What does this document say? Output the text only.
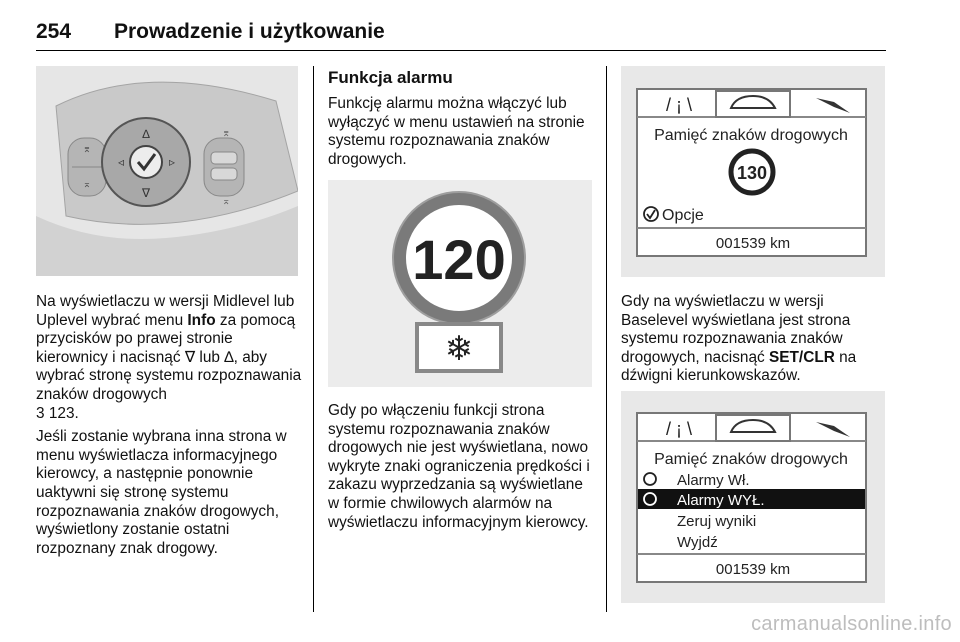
254 Prowadzenie i użytkowanie
⌆
⌅
∆
∇
◃	▹
⌆
⌅

Na wyświetlaczu w wersji Midlevel lub Uplevel wybrać menu Info za pomocą przycisków po prawej stronie kierownicy i nacisnąć ∇ lub ∆, aby wybrać stronę systemu rozpoznawania znaków drogowych
3 123.

Jeśli zostanie wybrana inna strona w menu wyświetlacza informacyjnego kierowcy, a następnie ponownie uaktywni się stronę systemu rozpoznawania znaków drogowych, wyświetlony zostanie ostatni rozpoznany znak drogowy.

Funkcja alarmu
Funkcję alarmu można włączyć lub wyłączyć w menu ustawień na stronie systemu rozpoznawania znaków drogowych.
120
❄
Gdy po włączeniu funkcji strona systemu rozpoznawania znaków drogowych nie jest wyświetlana, nowo wykryte znaki ograniczenia prędkości i zakazu wyprzedzania są wyświetlane w formie chwilowych alarmów na wyświetlaczu informacyjnym kierowcy.
/ ¡ \
Pamięć znaków drogowych
130
Opcje
001539 km
Gdy na wyświetlaczu w wersji Baselevel wyświetlana jest strona systemu rozpoznawania znaków drogowych, nacisnąć SET/CLR na dźwigni kierunkowskazów.
/ ¡ \
Pamięć znaków drogowych
Alarmy Wł.
Alarmy WYŁ.
Zeruj wyniki
Wyjdź
001539 km
carmanualsonline.info
